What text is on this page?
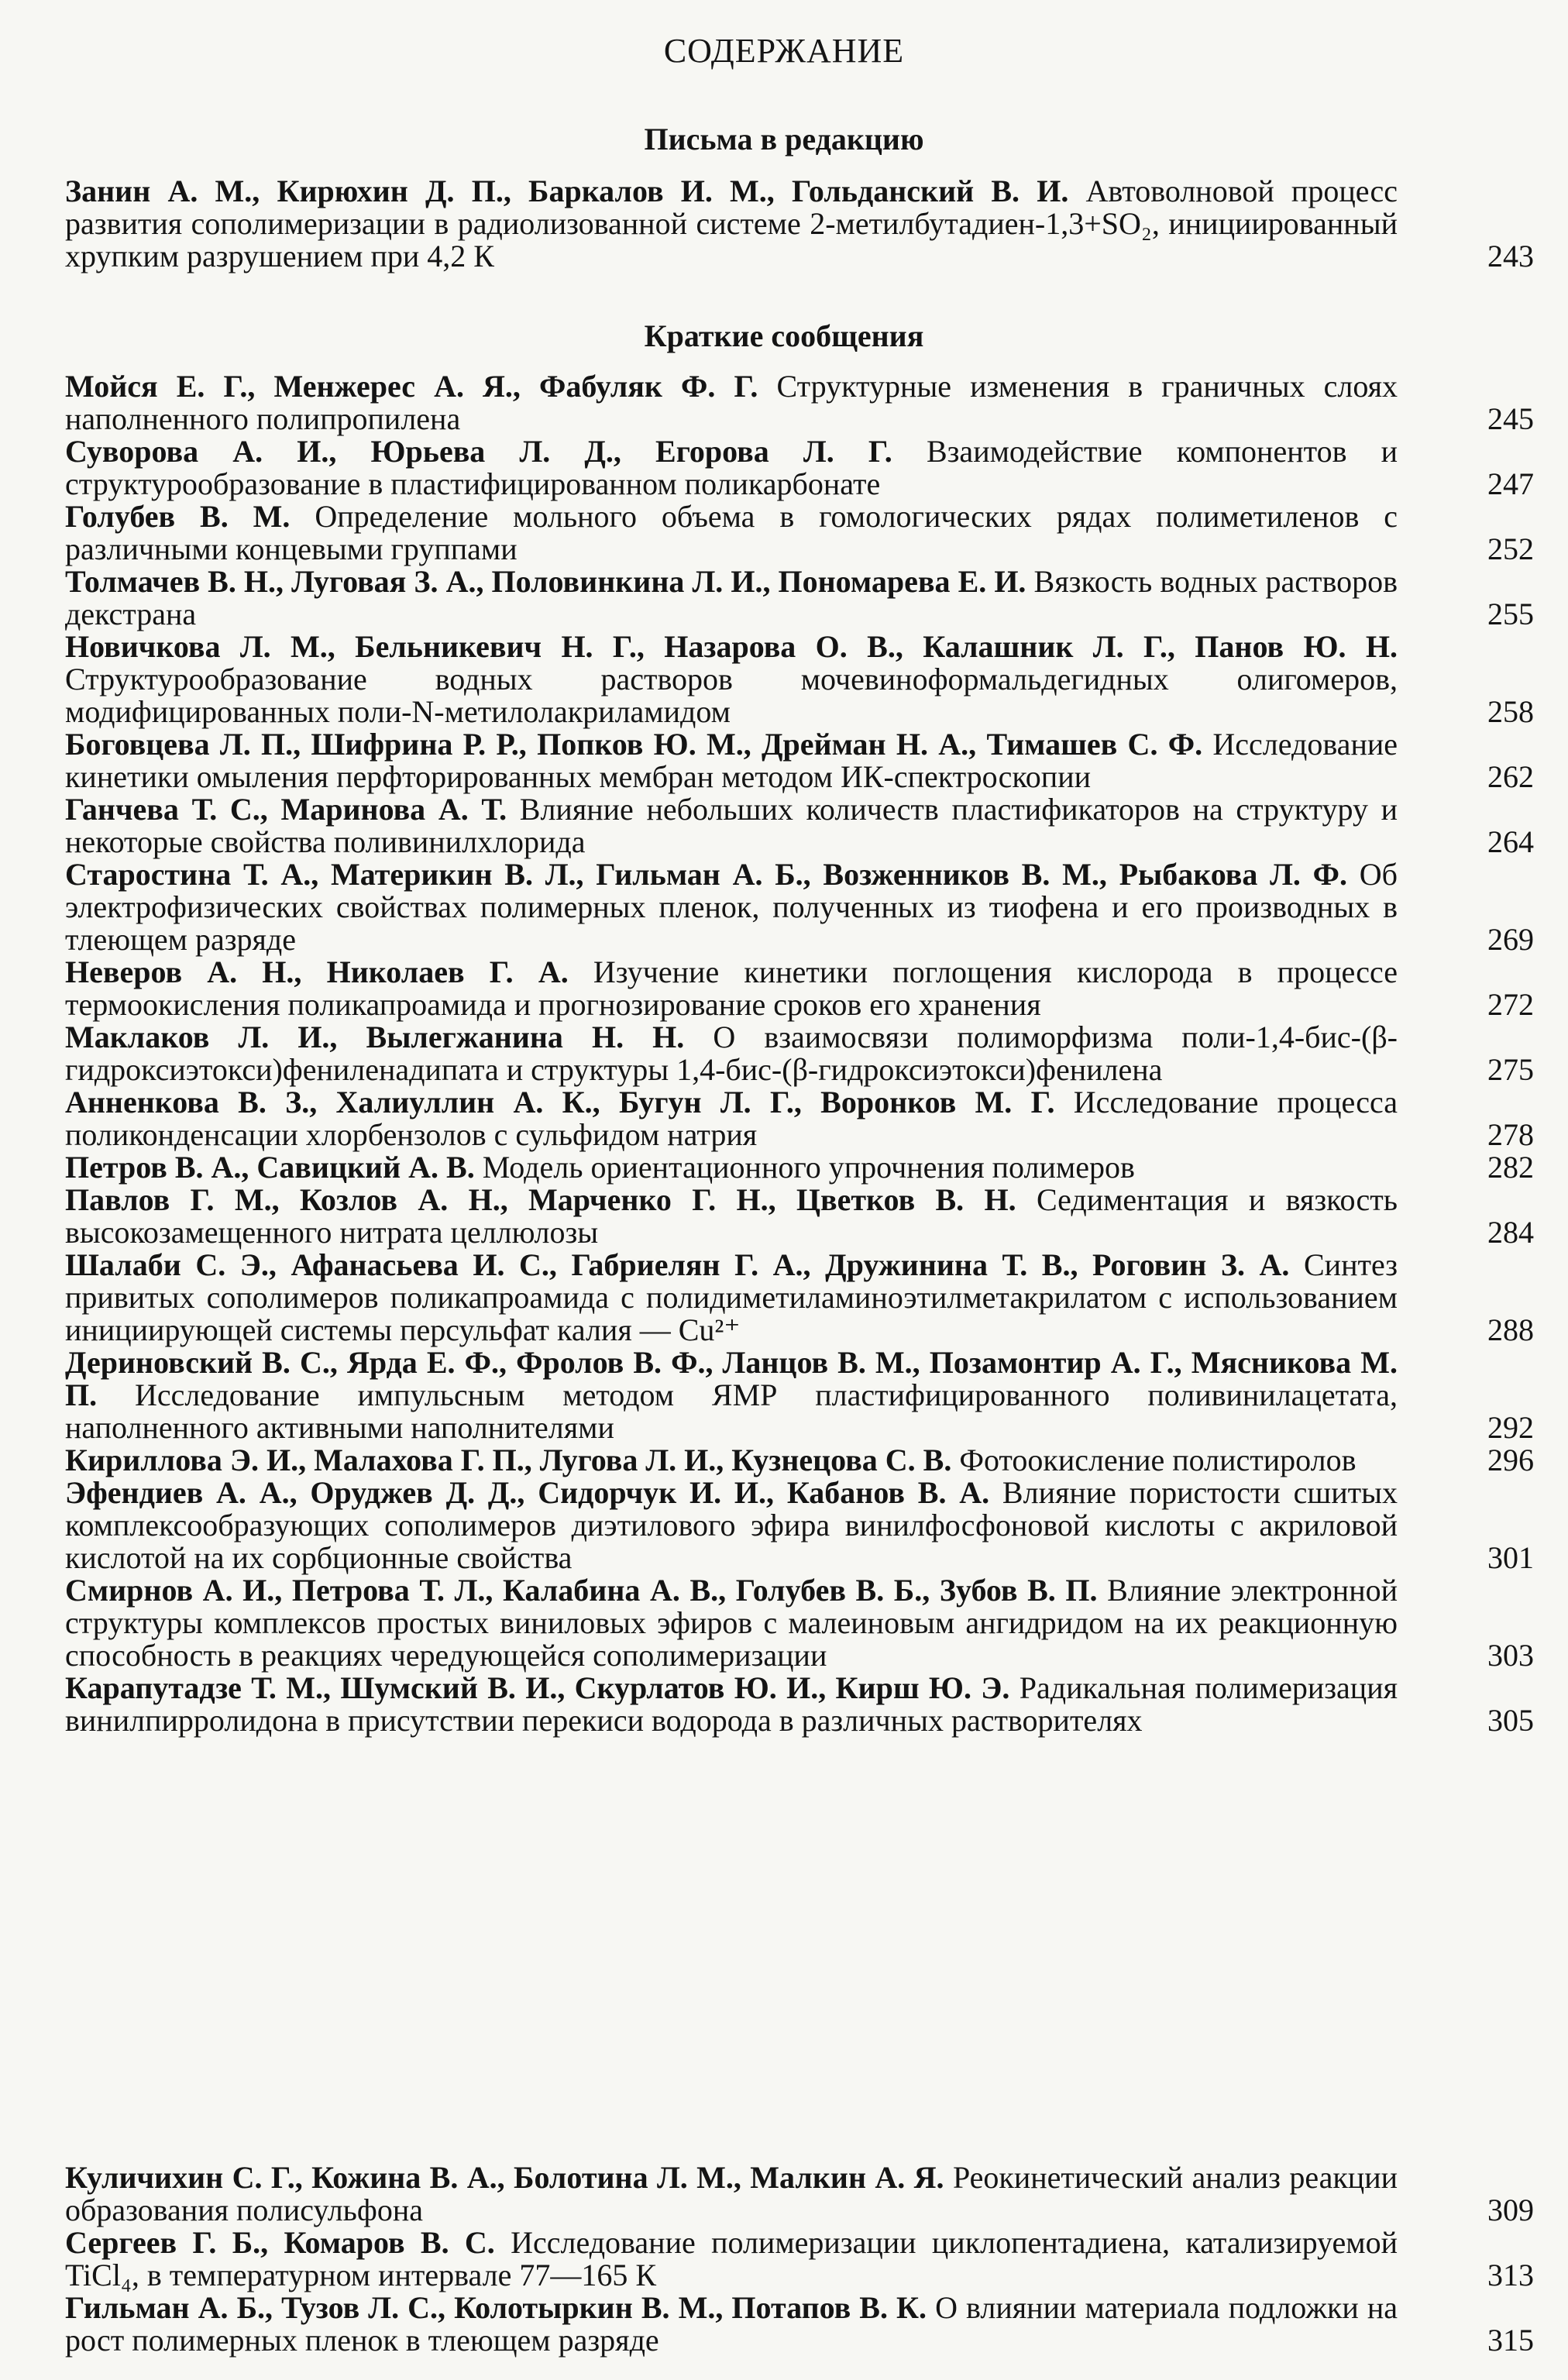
СОДЕРЖАНИЕ
Письма в редакцию
Занин А. М., Кирюхин Д. П., Баркалов И. М., Гольданский В. И. Автоволновой процесс развития сополимеризации в радиолизованной системе 2-метилбутадиен-1,3+SO₂, инициированный хрупким разрушением при 4,2 К	243
Краткие сообщения
Мойся Е. Г., Менжерес А. Я., Фабуляк Ф. Г. Структурные изменения в граничных слоях наполненного полипропилена	245
Суворова А. И., Юрьева Л. Д., Егорова Л. Г. Взаимодействие компонентов и структурообразование в пластифицированном поликарбонате	247
Голубев В. М. Определение мольного объема в гомологических рядах полиметиленов с различными концевыми группами	252
Толмачев В. Н., Луговая З. А., Половинкина Л. И., Пономарева Е. И. Вязкость водных растворов декстрана	255
Новичкова Л. М., Бельникевич Н. Г., Назарова О. В., Калашник Л. Г., Панов Ю. Н. Структурообразование водных растворов мочевиноформальдегидных олигомеров, модифицированных поли-N-метилолакриламидом	258
Боговцева Л. П., Шифрина Р. Р., Попков Ю. М., Дрейман Н. А., Тимашев С. Ф. Исследование кинетики омыления перфторированных мембран методом ИК-спектроскопии	262
Ганчева Т. С., Маринова А. Т. Влияние небольших количеств пластификаторов на структуру и некоторые свойства поливинилхлорида	264
Старостина Т. А., Материкин В. Л., Гильман А. Б., Возженников В. М., Рыбакова Л. Ф. Об электрофизических свойствах полимерных пленок, полученных из тиофена и его производных в тлеющем разряде	269
Неверов А. Н., Николаев Г. А. Изучение кинетики поглощения кислорода в процессе термоокисления поликапроамида и прогнозирование сроков его хранения	272
Маклаков Л. И., Вылегжанина Н. Н. О взаимосвязи полиморфизма поли-1,4-бис-(β-гидроксиэтокси)фениленадипата и структуры 1,4-бис-(β-гидроксиэтокси)фенилена	275
Анненкова В. З., Халиуллин А. К., Бугун Л. Г., Воронков М. Г. Исследование процесса поликонденсации хлорбензолов с сульфидом натрия	278
Петров В. А., Савицкий А. В. Модель ориентационного упрочнения полимеров	282
Павлов Г. М., Козлов А. Н., Марченко Г. Н., Цветков В. Н. Седиментация и вязкость высокозамещенного нитрата целлюлозы	284
Шалаби С. Э., Афанасьева И. С., Габриелян Г. А., Дружинина Т. В., Роговин З. А. Синтез привитых сополимеров поликапроамида с полидиметиламиноэтилметакрилатом с использованием инициирующей системы персульфат калия — Cu²⁺	288
Дериновский В. С., Ярда Е. Ф., Фролов В. Ф., Ланцов В. М., Позамонтир А. Г., Мясникова М. П. Исследование импульсным методом ЯМР пластифицированного поливинилацетата, наполненного активными наполнителями	292
Кириллова Э. И., Малахова Г. П., Лугова Л. И., Кузнецова С. В. Фотоокисление полистиролов	296
Эфендиев А. А., Оруджев Д. Д., Сидорчук И. И., Кабанов В. А. Влияние пористости сшитых комплексообразующих сополимеров диэтилового эфира винилфосфоновой кислоты с акриловой кислотой на их сорбционные свойства	301
Смирнов А. И., Петрова Т. Л., Калабина А. В., Голубев В. Б., Зубов В. П. Влияние электронной структуры комплексов простых виниловых эфиров с малеиновым ангидридом на их реакционную способность в реакциях чередующейся сополимеризации	303
Карапутадзе Т. М., Шумский В. И., Скурлатов Ю. И., Кирш Ю. Э. Радикальная полимеризация винилпирролидона в присутствии перекиси водорода в различных растворителях	305
Куличихин С. Г., Кожина В. А., Болотина Л. М., Малкин А. Я. Реокинетический анализ реакции образования полисульфона	309
Сергеев Г. Б., Комаров В. С. Исследование полимеризации циклопентадиена, катализируемой TiCl₄, в температурном интервале 77—165 К	313
Гильман А. Б., Тузов Л. С., Колотыркин В. М., Потапов В. К. О влиянии материала подложки на рост полимерных пленок в тлеющем разряде	315
